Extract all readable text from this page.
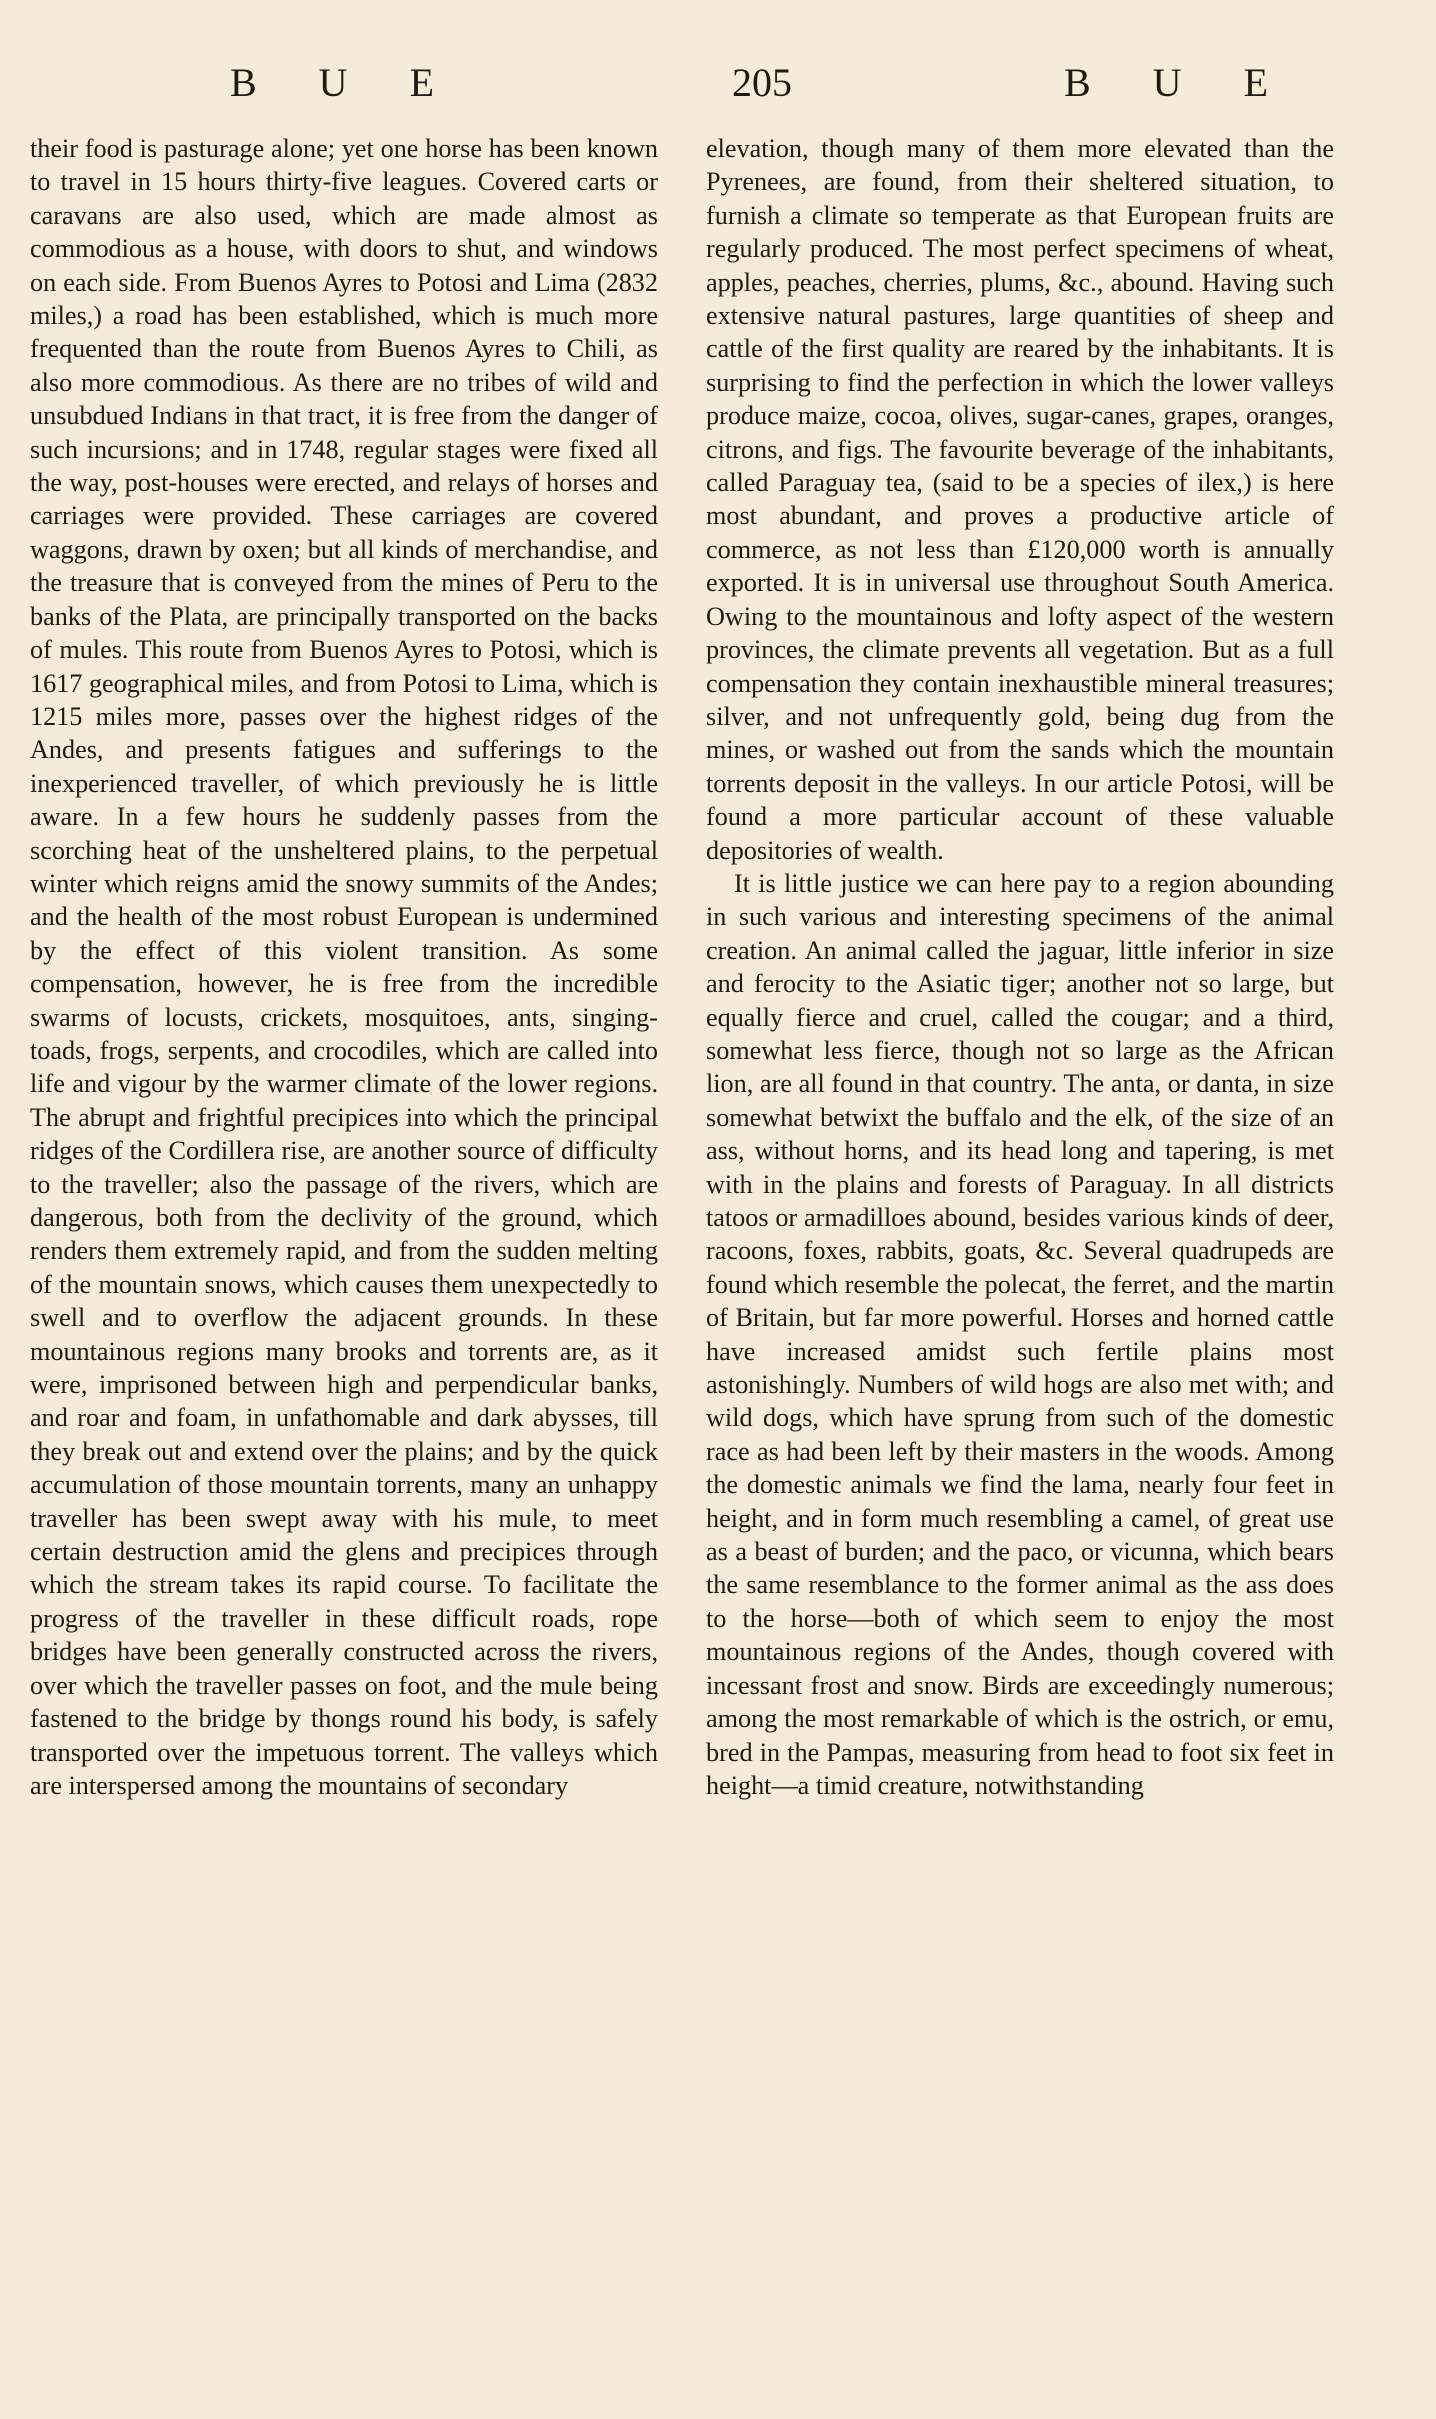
B U E	205	B U E

their food is pasturage alone; yet one horse has been known to travel in 15 hours thirty-five leagues. Covered carts or caravans are also used, which are made almost as commodious as a house, with doors to shut, and windows on each side. From Buenos Ayres to Potosi and Lima (2832 miles,) a road has been established, which is much more frequented than the route from Buenos Ayres to Chili, as also more commodious. As there are no tribes of wild and unsubdued Indians in that tract, it is free from the danger of such incursions; and in 1748, regular stages were fixed all the way, post-houses were erected, and relays of horses and carriages were provided. These carriages are covered waggons, drawn by oxen; but all kinds of merchandise, and the treasure that is conveyed from the mines of Peru to the banks of the Plata, are principally transported on the backs of mules. This route from Buenos Ayres to Potosi, which is 1617 geographical miles, and from Potosi to Lima, which is 1215 miles more, passes over the highest ridges of the Andes, and presents fatigues and sufferings to the inexperienced traveller, of which previously he is little aware. In a few hours he suddenly passes from the scorching heat of the unsheltered plains, to the perpetual winter which reigns amid the snowy summits of the Andes; and the health of the most robust European is undermined by the effect of this violent transition. As some compensation, however, he is free from the incredible swarms of locusts, crickets, mosquitoes, ants, singing-toads, frogs, serpents, and crocodiles, which are called into life and vigour by the warmer climate of the lower regions. The abrupt and frightful precipices into which the principal ridges of the Cordillera rise, are another source of difficulty to the traveller; also the passage of the rivers, which are dangerous, both from the declivity of the ground, which renders them extremely rapid, and from the sudden melting of the mountain snows, which causes them unexpectedly to swell and to overflow the adjacent grounds. In these mountainous regions many brooks and torrents are, as it were, imprisoned between high and perpendicular banks, and roar and foam, in unfathomable and dark abysses, till they break out and extend over the plains; and by the quick accumulation of those mountain torrents, many an unhappy traveller has been swept away with his mule, to meet certain destruction amid the glens and precipices through which the stream takes its rapid course. To facilitate the progress of the traveller in these difficult roads, rope bridges have been generally constructed across the rivers, over which the traveller passes on foot, and the mule being fastened to the bridge by thongs round his body, is safely transported over the impetuous torrent. The valleys which are interspersed among the mountains of secondary

elevation, though many of them more elevated than the Pyrenees, are found, from their sheltered situation, to furnish a climate so temperate as that European fruits are regularly produced. The most perfect specimens of wheat, apples, peaches, cherries, plums, &c., abound. Having such extensive natural pastures, large quantities of sheep and cattle of the first quality are reared by the inhabitants. It is surprising to find the perfection in which the lower valleys produce maize, cocoa, olives, sugar-canes, grapes, oranges, citrons, and figs. The favourite beverage of the inhabitants, called Paraguay tea, (said to be a species of ilex,) is here most abundant, and proves a productive article of commerce, as not less than £120,000 worth is annually exported. It is in universal use throughout South America. Owing to the mountainous and lofty aspect of the western provinces, the climate prevents all vegetation. But as a full compensation they contain inexhaustible mineral treasures; silver, and not unfrequently gold, being dug from the mines, or washed out from the sands which the mountain torrents deposit in the valleys. In our article Potosi, will be found a more particular account of these valuable depositories of wealth.

It is little justice we can here pay to a region abounding in such various and interesting specimens of the animal creation. An animal called the jaguar, little inferior in size and ferocity to the Asiatic tiger; another not so large, but equally fierce and cruel, called the cougar; and a third, somewhat less fierce, though not so large as the African lion, are all found in that country. The anta, or danta, in size somewhat betwixt the buffalo and the elk, of the size of an ass, without horns, and its head long and tapering, is met with in the plains and forests of Paraguay. In all districts tatoos or armadilloes abound, besides various kinds of deer, racoons, foxes, rabbits, goats, &c. Several quadrupeds are found which resemble the polecat, the ferret, and the martin of Britain, but far more powerful. Horses and horned cattle have increased amidst such fertile plains most astonishingly. Numbers of wild hogs are also met with; and wild dogs, which have sprung from such of the domestic race as had been left by their masters in the woods. Among the domestic animals we find the lama, nearly four feet in height, and in form much resembling a camel, of great use as a beast of burden; and the paco, or vicunna, which bears the same resemblance to the former animal as the ass does to the horse—both of which seem to enjoy the most mountainous regions of the Andes, though covered with incessant frost and snow. Birds are exceedingly numerous; among the most remarkable of which is the ostrich, or emu, bred in the Pampas, measuring from head to foot six feet in height—a timid creature, notwithstanding
